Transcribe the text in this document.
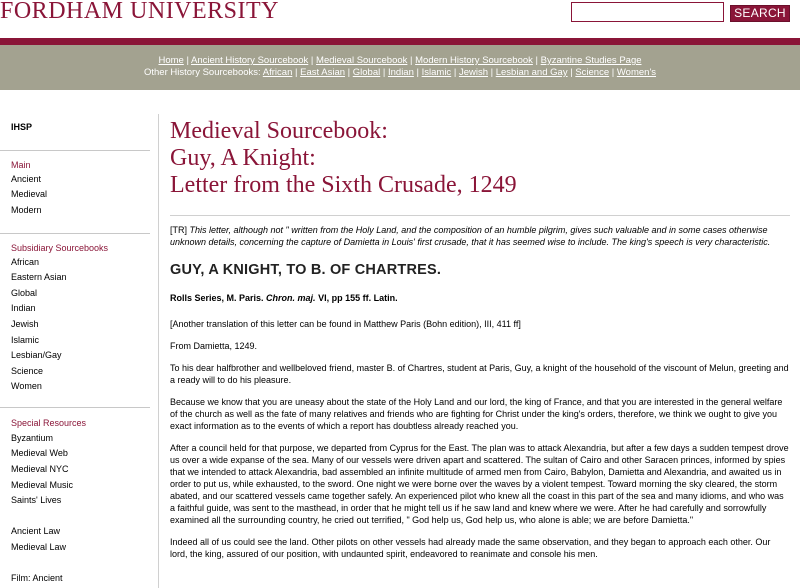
FORDHAM UNIVERSITY	SEARCH
Home | Ancient History Sourcebook | Medieval Sourcebook | Modern History Sourcebook | Byzantine Studies Page
Other History Sourcebooks: African | East Asian | Global | Indian | Islamic | Jewish | Lesbian and Gay | Science | Women's
IHSP
Main
Ancient
Medieval
Modern
Subsidiary Sourcebooks
African
Eastern Asian
Global
Indian
Jewish
Islamic
Lesbian/Gay
Science
Women
Special Resources
Byzantium
Medieval Web
Medieval NYC
Medieval Music
Saints' Lives
Ancient Law
Medieval Law
Film: Ancient
Medieval Sourcebook:
Guy, A Knight:
Letter from the Sixth Crusade, 1249
[TR] This letter, although not " written from the Holy Land, and the composition of an humble pilgrim, gives such valuable and in some cases otherwise unknown details, concerning the capture of Damietta in Louis' first crusade, that it has seemed wise to include. The king's speech is very characteristic.
GUY, A KNIGHT, TO B. OF CHARTRES.
Rolls Series, M. Paris. Chron. maj. VI, pp 155 ff. Latin.
[Another translation of this letter can be found in Matthew Paris (Bohn edition), III, 411 ff]
From Damietta, 1249.
To his dear halfbrother and wellbeloved friend, master B. of Chartres, student at Paris, Guy, a knight of the household of the viscount of Melun, greeting and a ready will to do his pleasure.
Because we know that you are uneasy about the state of the Holy Land and our lord, the king of France, and that you are interested in the general welfare of the church as well as the fate of many relatives and friends who are fighting for Christ under the king's orders, therefore, we think we ought to give you exact information as to the events of which a report has doubtless already reached you.
After a council held for that purpose, we departed from Cyprus for the East. The plan was to attack Alexandria, but after a few days a sudden tempest drove us over a wide expanse of the sea. Many of our vessels were driven apart and scattered. The sultan of Cairo and other Saracen princes, informed by spies that we intended to attack Alexandria, bad assembled an infinite multitude of armed men from Cairo, Babylon, Damietta and Alexandria, and awaited us in order to put us, while exhausted, to the sword. One night we were borne over the waves by a violent tempest. Toward morning the sky cleared, the storm abated, and our scattered vessels came together safely. An experienced pilot who knew all the coast in this part of the sea and many idioms, and who was a faithful guide, was sent to the masthead, in order that he might tell us if he saw land and knew where we were. After he had carefully and sorrowfully examined all the surrounding country, he cried out terrified, " God help us, God help us, who alone is able; we are before Damietta."
Indeed all of us could see the land. Other pilots on other vessels had already made the same observation, and they began to approach each other. Our lord, the king, assured of our position, with undaunted spirit, endeavored to reanimate and console his men.
